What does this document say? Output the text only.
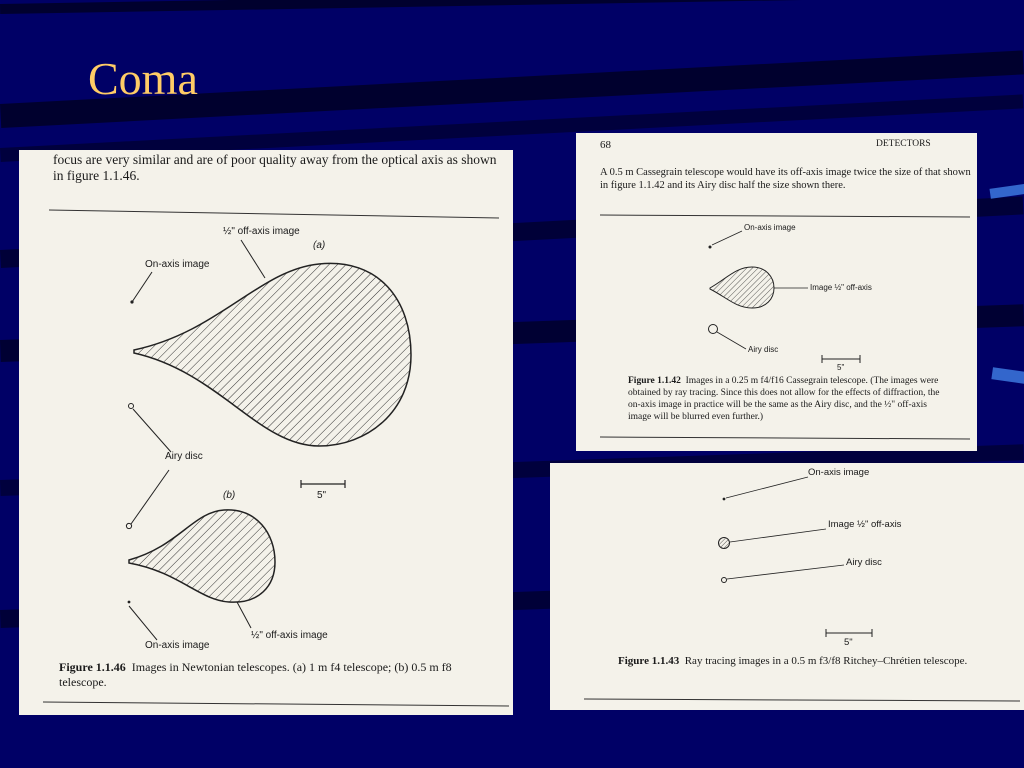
Coma

focus are very similar and are of poor quality away from the optical axis as shown in figure 1.1.46.

½" off-axis image
(a)
On-axis image
Airy disc
(b)	5"
On-axis image
½" off-axis image

Figure 1.1.46 Images in Newtonian telescopes. (a) 1 m f4 telescope; (b) 0.5 m f8 telescope.

68	DETECTORS

A 0.5 m Cassegrain telescope would have its off-axis image twice the size of that shown in figure 1.1.42 and its Airy disc half the size shown there.

On-axis image
Image ½" off-axis
Airy disc
5"

Figure 1.1.42 Images in a 0.25 m f4/f16 Cassegrain telescope. (The images were obtained by ray tracing. Since this does not allow for the effects of diffraction, the on-axis image in practice will be the same as the Airy disc, and the ½" off-axis image will be blurred even further.)

On-axis image
Image ½" off-axis
Airy disc
5"

Figure 1.1.43 Ray tracing images in a 0.5 m f3/f8 Ritchey–Chrétien telescope.
